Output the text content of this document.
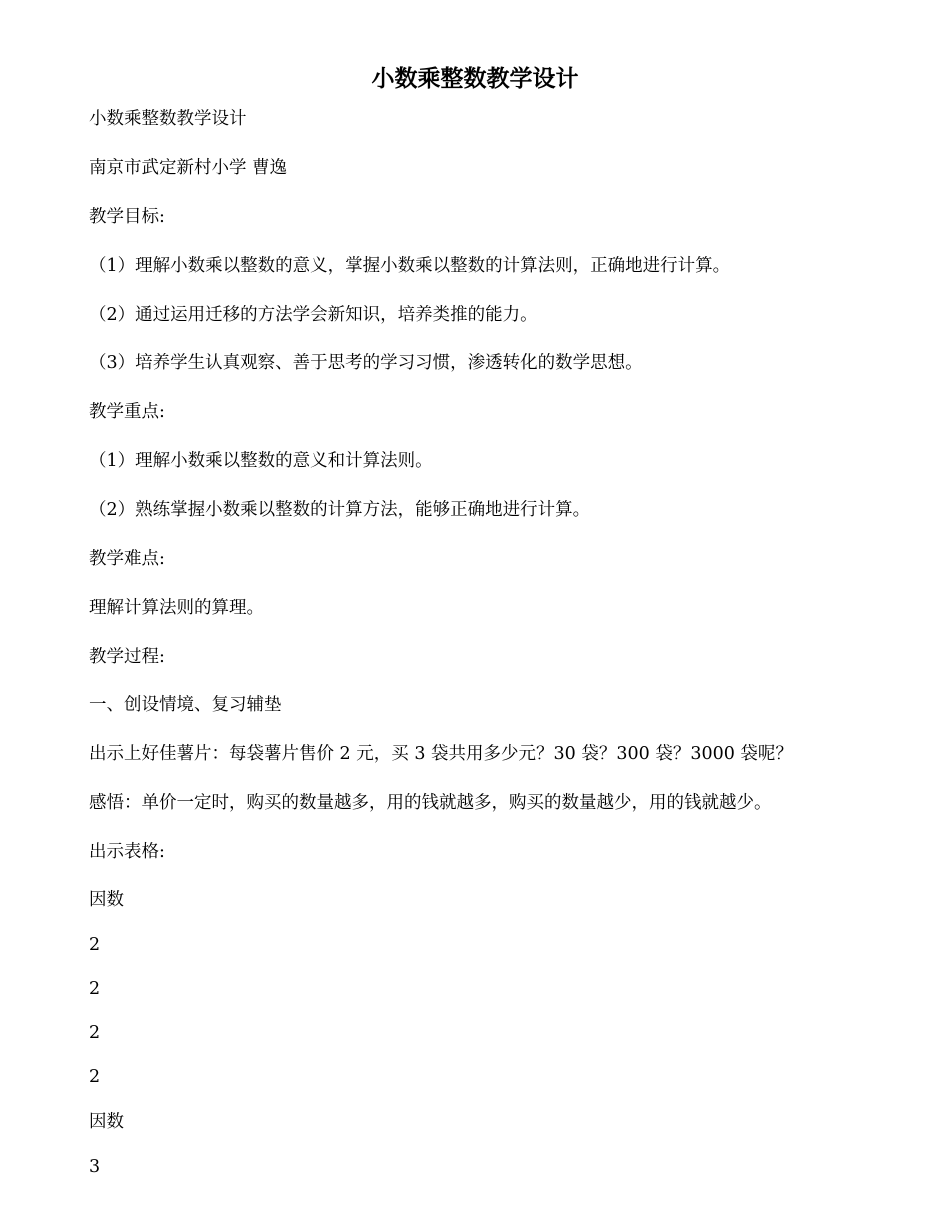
小数乘整数教学设计
小数乘整数教学设计
南京市武定新村小学 曹逸
教学目标:
（1）理解小数乘以整数的意义，掌握小数乘以整数的计算法则，正确地进行计算。
（2）通过运用迁移的方法学会新知识，培养类推的能力。
（3）培养学生认真观察、善于思考的学习习惯，渗透转化的数学思想。
教学重点:
（1）理解小数乘以整数的意义和计算法则。
（2）熟练掌握小数乘以整数的计算方法，能够正确地进行计算。
教学难点:
理解计算法则的算理。
教学过程:
一、创设情境、复习辅垫
出示上好佳薯片：每袋薯片售价 2 元，买 3 袋共用多少元？30 袋？300 袋？3000 袋呢？
感悟：单价一定时，购买的数量越多，用的钱就越多，购买的数量越少，用的钱就越少。
出示表格:
因数
2
2
2
2
因数
3
